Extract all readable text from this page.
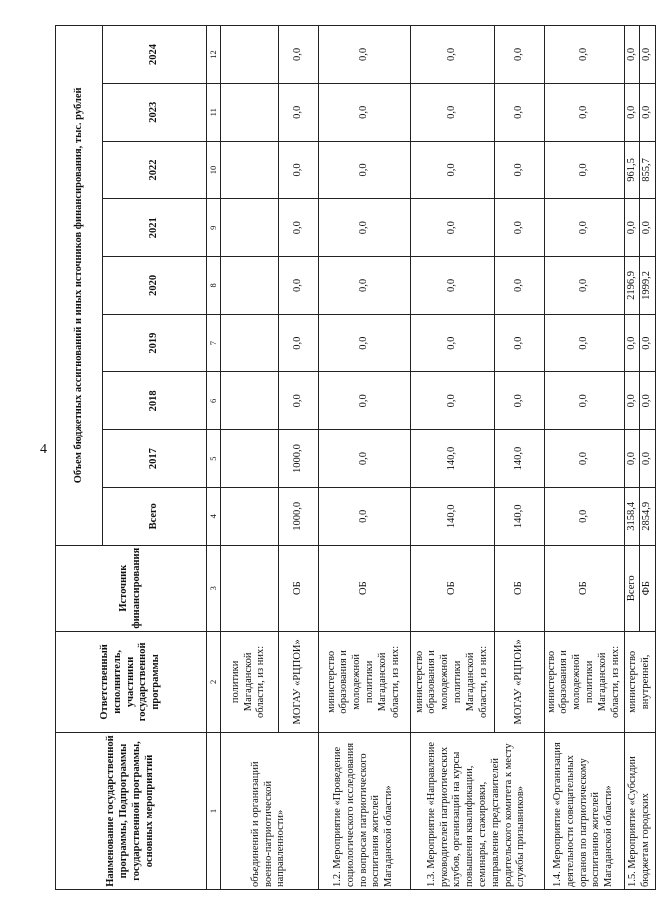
4
Наименование государственной программы, Подпрограммы государственной программы, основных мероприятий	Ответственный исполнитель, участники государственной программы	Источник финансирования	Объем бюджетных ассигнований и иных источников финансирования, тыс. рублей								
			Всего	2017	2018	2019	2020	2021	2022	2023	2024
1	2	3	4	5	6	7	8	9	10	11	12
объединений и организаций военно-патриотической направленности»	политики Магаданской области, из них:										
	МОГАУ «РЦПОИ»	ОБ	1000,0	1000,0	0,0	0,0	0,0	0,0	0,0	0,0	0,0
1.2. Мероприятие «Проведение социологического исследования по вопросам патриотического воспитания жителей Магаданской области»	министерство образования и молодежной политики Магаданской области, из них:	ОБ	0,0	0,0	0,0	0,0	0,0	0,0	0,0	0,0	0,0
1.3. Мероприятие «Направление руководителей патриотических клубов, организаций на курсы повышения квалификации, семинары, стажировки, направление представителей родительского комитета к месту службы призывников»	министерство образования и молодежной политики Магаданской области, из них:	ОБ	140,0	140,0	0,0	0,0	0,0	0,0	0,0	0,0	0,0
	МОГАУ «РЦПОИ»	ОБ	140,0	140,0	0,0	0,0	0,0	0,0	0,0	0,0	0,0
1.4. Мероприятие «Организация деятельности совещательных органов по патриотическому воспитанию жителей Магаданской области»	министерство образования и молодежной политики Магаданской области, из них:	ОБ	0,0	0,0	0,0	0,0	0,0	0,0	0,0	0,0	0,0
1.5. Мероприятие «Субсидии бюджетам городских	министерство внутренней,	Всего	3158,4	0,0	0,0	0,0	2196,9	0,0	961,5	0,0	0,0
		ФБ	2854,9	0,0	0,0	0,0	1999,2	0,0	855,7	0,0	0,0
